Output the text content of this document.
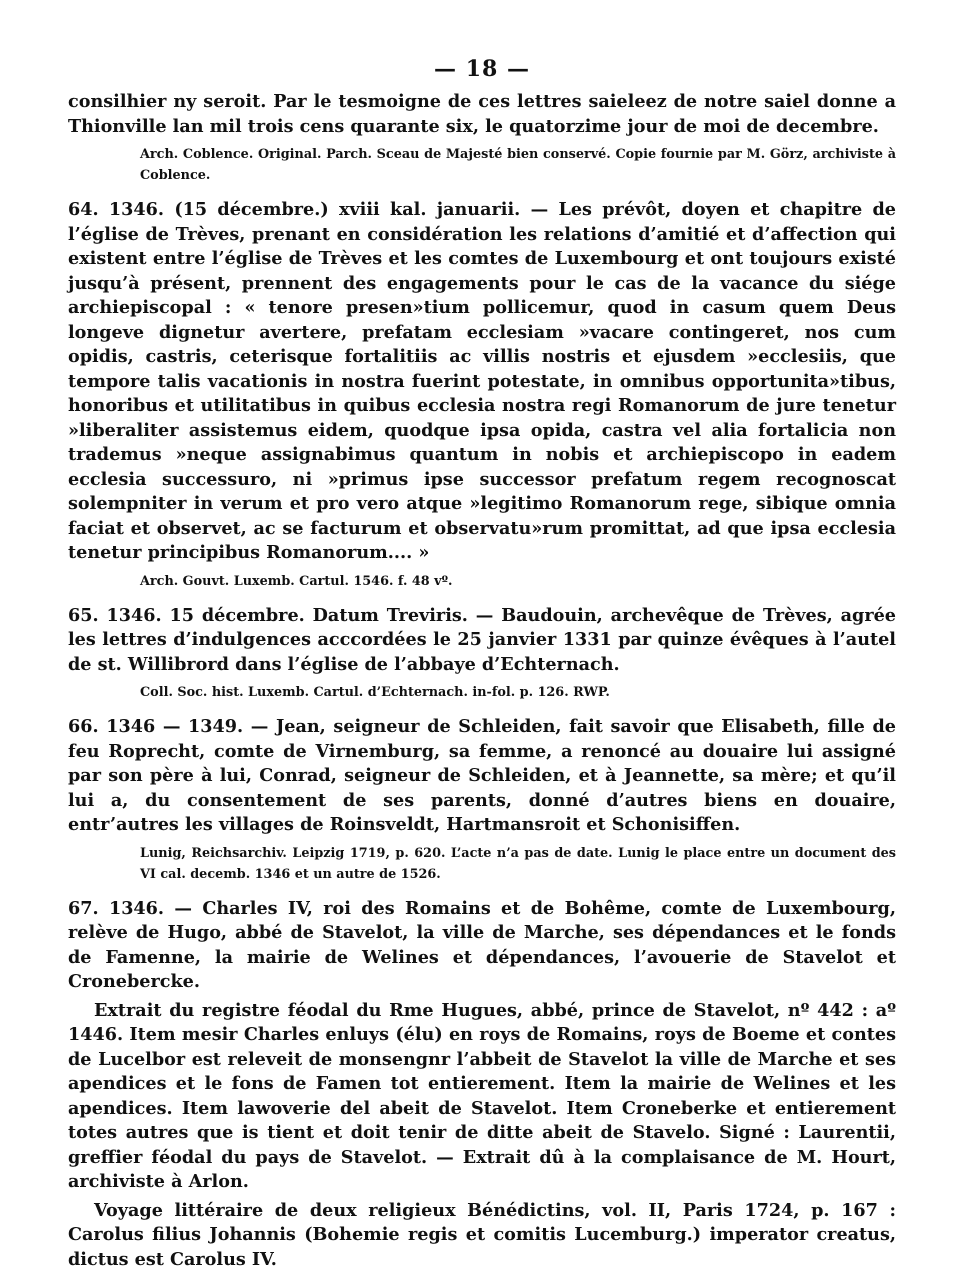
— 18 —

consilhier ny seroit. Par le tesmoigne de ces lettres saieleez de notre saiel donne a Thionville lan mil trois cens quarante six, le quatorzime jour de moi de decembre.

Arch. Coblence. Original. Parch. Sceau de Majesté bien conservé. Copie fournie par M. Görz, archiviste à Coblence.

64. 1346. (15 décembre.) xviii kal. januarii. — Les prévôt, doyen et chapitre de l’église de Trèves, prenant en considération les relations d’amitié et d’affection qui existent entre l’église de Trèves et les comtes de Luxembourg et ont toujours existé jusqu’à présent, prennent des engagements pour le cas de la vacance du siége archiepiscopal : « tenore presen»tium pollicemur, quod in casum quem Deus longeve dignetur avertere, prefatam ecclesiam »vacare contingeret, nos cum opidis, castris, ceterisque fortalitiis ac villis nostris et ejusdem »ecclesiis, que tempore talis vacationis in nostra fuerint potestate, in omnibus opportunita»tibus, honoribus et utilitatibus in quibus ecclesia nostra regi Romanorum de jure tenetur »liberaliter assistemus eidem, quodque ipsa opida, castra vel alia fortalicia non trademus »neque assignabimus quantum in nobis et archiepiscopo in eadem ecclesia successuro, ni »primus ipse successor prefatum regem recognoscat solempniter in verum et pro vero atque »legitimo Romanorum rege, sibique omnia faciat et observet, ac se facturum et observatu»rum promittat, ad que ipsa ecclesia tenetur principibus Romanorum.... »

Arch. Gouvt. Luxemb. Cartul. 1546. f. 48 vº.

65. 1346. 15 décembre. Datum Treviris. — Baudouin, archevêque de Trèves, agrée les lettres d’indulgences acccordées le 25 janvier 1331 par quinze évêques à l’autel de st. Willibrord dans l’église de l’abbaye d’Echternach.

Coll. Soc. hist. Luxemb. Cartul. d’Echternach. in-fol. p. 126. RWP.

66. 1346 — 1349. — Jean, seigneur de Schleiden, fait savoir que Elisabeth, fille de feu Roprecht, comte de Virnemburg, sa femme, a renoncé au douaire lui assigné par son père à lui, Conrad, seigneur de Schleiden, et à Jeannette, sa mère; et qu’il lui a, du consentement de ses parents, donné d’autres biens en douaire, entr’autres les villages de Roinsveldt, Hartmansroit et Schonisiffen.

Lunig, Reichsarchiv. Leipzig 1719, p. 620. L’acte n’a pas de date. Lunig le place entre un document des VI cal. decemb. 1346 et un autre de 1526.

67. 1346. — Charles IV, roi des Romains et de Bohême, comte de Luxembourg, relève de Hugo, abbé de Stavelot, la ville de Marche, ses dépendances et le fonds de Famenne, la mairie de Welines et dépendances, l’avouerie de Stavelot et Cronebercke.

Extrait du registre féodal du Rme Hugues, abbé, prince de Stavelot, nº 442 : aº 1446. Item mesir Charles enluys (élu) en roys de Romains, roys de Boeme et contes de Lucelbor est releveit de monsengnr l’abbeit de Stavelot la ville de Marche et ses apendices et le fons de Famen tot entierement. Item la mairie de Welines et les apendices. Item lawoverie del abeit de Stavelot. Item Croneberke et entierement totes autres que is tient et doit tenir de ditte abeit de Stavelo. Signé : Laurentii, greffier féodal du pays de Stavelot. — Extrait dû à la complaisance de M. Hourt, archiviste à Arlon.

Voyage littéraire de deux religieux Bénédictins, vol. II, Paris 1724, p. 167 : Carolus filius Johannis (Bohemie regis et comitis Lucemburg.) imperator creatus, dictus est Carolus IV.
